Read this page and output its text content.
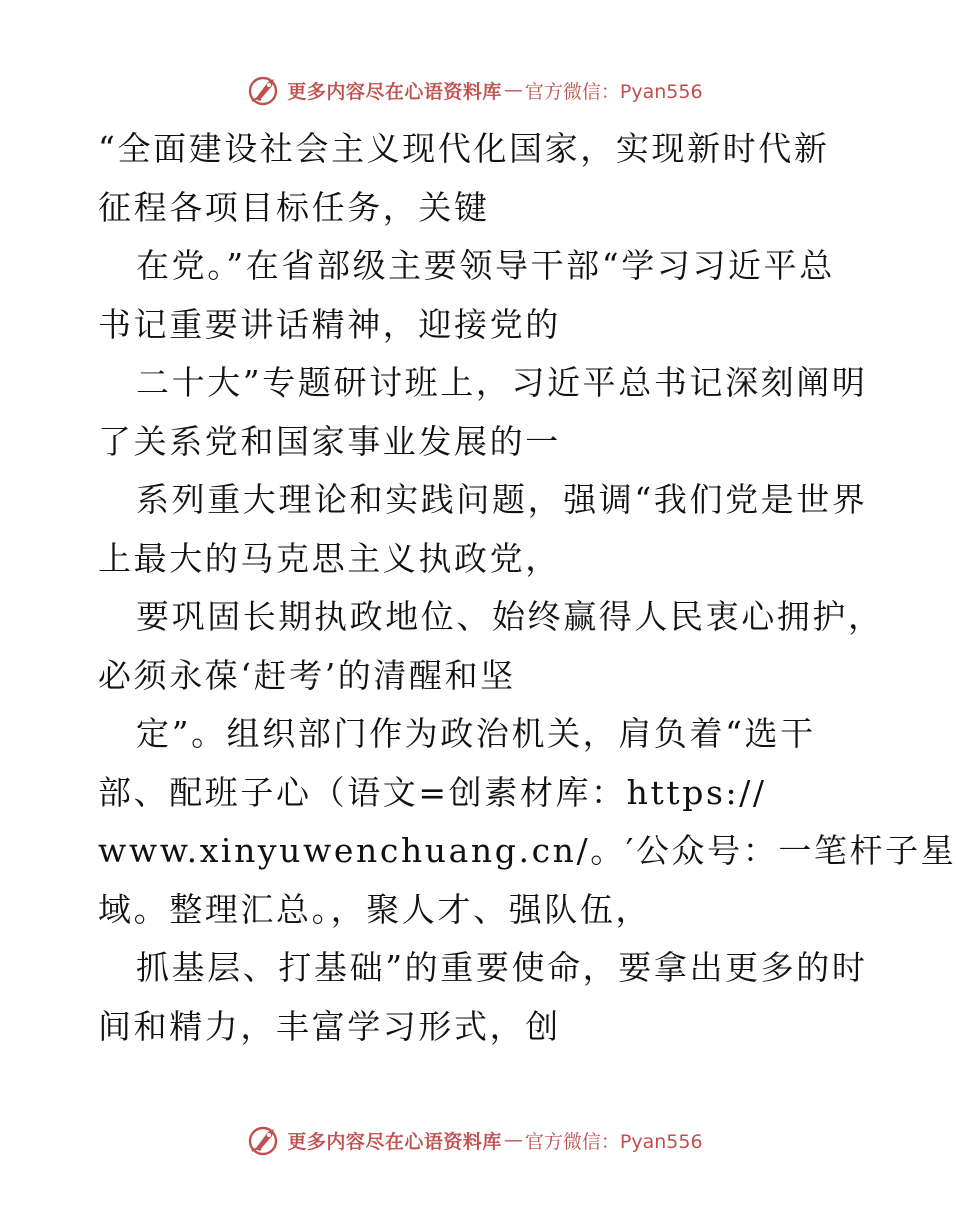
更多内容尽在心语资料库 — 官方微信：Pyan556
“全面建设社会主义现代化国家，实现新时代新
征程各项目标任务，关键
在党。”在省部级主要领导干部“学习习近平总
书记重要讲话精神，迎接党的
二十大”专题研讨班上，习近平总书记深刻阐明
了关系党和国家事业发展的一
系列重大理论和实践问题，强调“我们党是世界
上最大的马克思主义执政党，
要巩固长期执政地位、始终赢得人民衷心拥护，
必须永葆‘赶考’的清醒和坚
定”。组织部门作为政治机关，肩负着“选干
部、配班子心（语文=创素材库：https://
www.xinyuwenchuang.cn/。′公众号：一笔杆子星
域。整理汇总。，聚人才、强队伍，
抓基层、打基础”的重要使命，要拿出更多的时
间和精力，丰富学习形式，创
更多内容尽在心语资料库 — 官方微信：Pyan556
